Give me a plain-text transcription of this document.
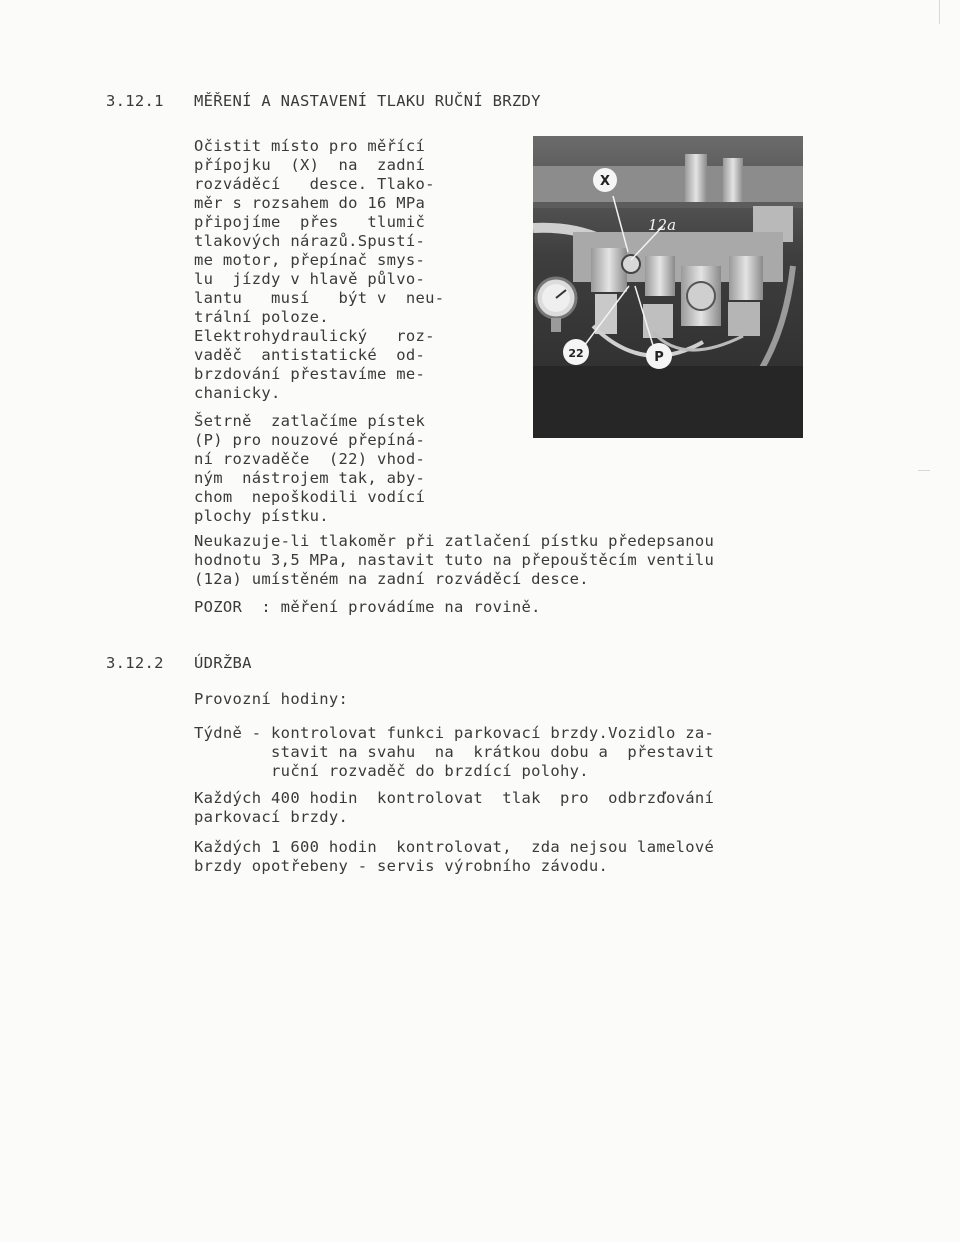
3.12.1 MĚŘENÍ A NASTAVENÍ TLAKU RUČNÍ BRZDY
Očistit místo pro měřící
přípojku  (X)  na  zadní
rozváděcí   desce. Tlako-
měr s rozsahem do 16 MPa
připojíme  přes   tlumič
tlakových nárazů.Spustí-
me motor, přepínač smys-
lu  jízdy v hlavě půlvo-
lantu   musí   být v  neu-
trální poloze.
Elektrohydraulický   roz-
vaděč  antistatické  od-
brzdování přestavíme me-
chanicky.
Šetrně  zatlačíme pístek
(P) pro nouzové přepíná-
ní rozvaděče  (22) vhod-
ným  nástrojem tak, aby-
chom  nepoškodili vodící
plochy pístku.
X
12a
22	P
Neukazuje-li tlakoměr při zatlačení pístku předepsanou
hodnotu 3,5 MPa, nastavit tuto na přepouštěcím ventilu
(12a) umístěném na zadní rozváděcí desce.
POZOR  : měření provádíme na rovině.
3.12.2 ÚDRŽBA
Provozní hodiny:
Týdně - kontrolovat funkci parkovací brzdy.Vozidlo za-
stavit na svahu  na  krátkou dobu a  přestavit
ruční rozvaděč do brzdící polohy.
Každých 400 hodin  kontrolovat  tlak  pro  odbrzďování
parkovací brzdy.
Každých 1 600 hodin  kontrolovat,  zda nejsou lamelové
brzdy opotřebeny - servis výrobního závodu.
